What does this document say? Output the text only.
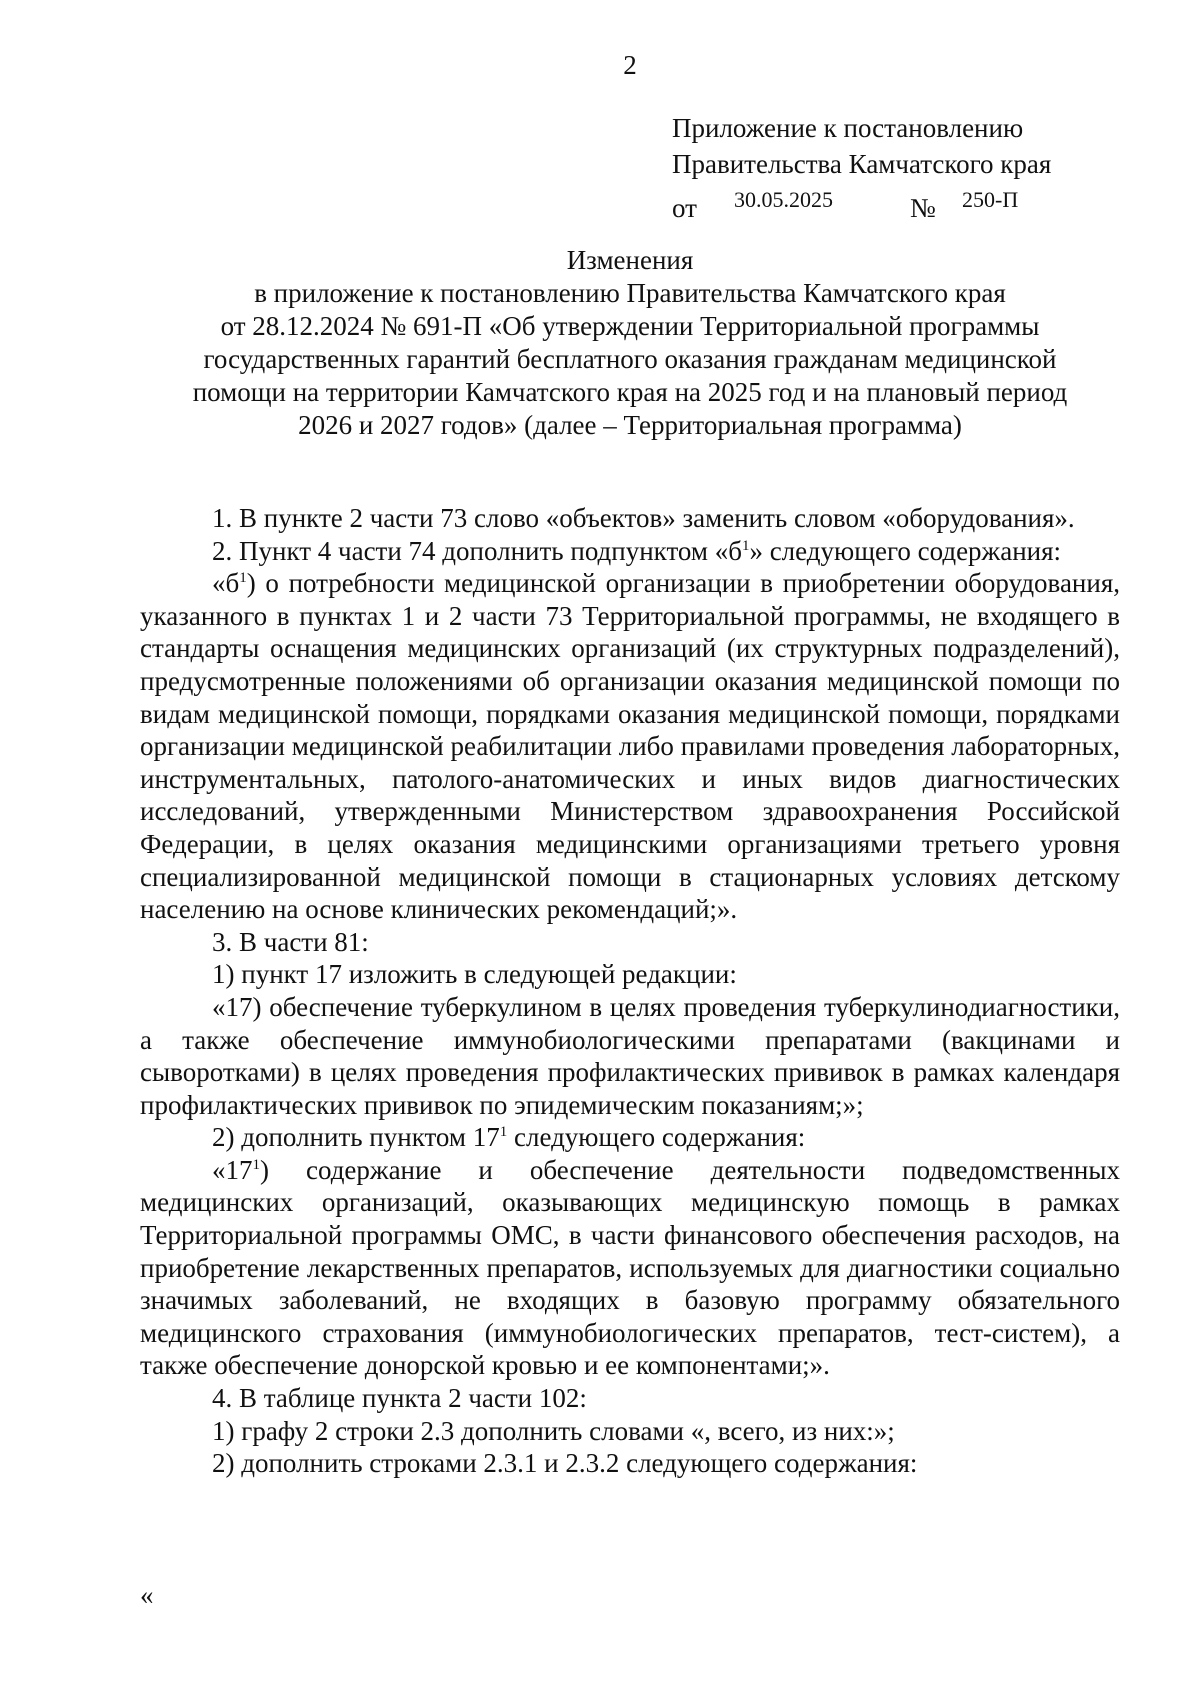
2
Приложение к постановлению
Правительства Камчатского края
от 30.05.2025	№ 250-П
Изменения
в приложение к постановлению Правительства Камчатского края
от 28.12.2024 № 691-П «Об утверждении Территориальной программы
государственных гарантий бесплатного оказания гражданам медицинской
помощи на территории Камчатского края на 2025 год и на плановый период
2026 и 2027 годов» (далее – Территориальная программа)
1. В пункте 2 части 73 слово «объектов» заменить словом «оборудования».
2. Пункт 4 части 74 дополнить подпунктом «$б^1$» следующего содержания:
«$б^1$) о потребности медицинской организации в приобретении оборудования, указанного в пунктах 1 и 2 части 73 Территориальной программы, не входящего в стандарты оснащения медицинских организаций (их структурных подразделений), предусмотренные положениями об организации оказания медицинской помощи по видам медицинской помощи, порядками оказания медицинской помощи, порядками организации медицинской реабилитации либо правилами проведения лабораторных, инструментальных, патолого-анатомических и иных видов диагностических исследований, утвержденными Министерством здравоохранения Российской Федерации, в целях оказания медицинскими организациями третьего уровня специализированной медицинской помощи в стационарных условиях детскому населению на основе клинических рекомендаций;».
3. В части 81:
1) пункт 17 изложить в следующей редакции:
«17) обеспечение туберкулином в целях проведения туберкулинодиагностики, а также обеспечение иммунобиологическими препаратами (вакцинами и сыворотками) в целях проведения профилактических прививок в рамках календаря профилактических прививок по эпидемическим показаниям;»;
2) дополнить пунктом $17^1$ следующего содержания:
«$17^1$) содержание и обеспечение деятельности подведомственных медицинских организаций, оказывающих медицинскую помощь в рамках Территориальной программы ОМС, в части финансового обеспечения расходов, на приобретение лекарственных препаратов, используемых для диагностики социально значимых заболеваний, не входящих в базовую программу обязательного медицинского страхования (иммунобиологических препаратов, тест-систем), а также обеспечение донорской кровью и ее компонентами;».
4. В таблице пункта 2 части 102:
1) графу 2 строки 2.3 дополнить словами «, всего, из них:»;
2) дополнить строками 2.3.1 и 2.3.2 следующего содержания:
«
